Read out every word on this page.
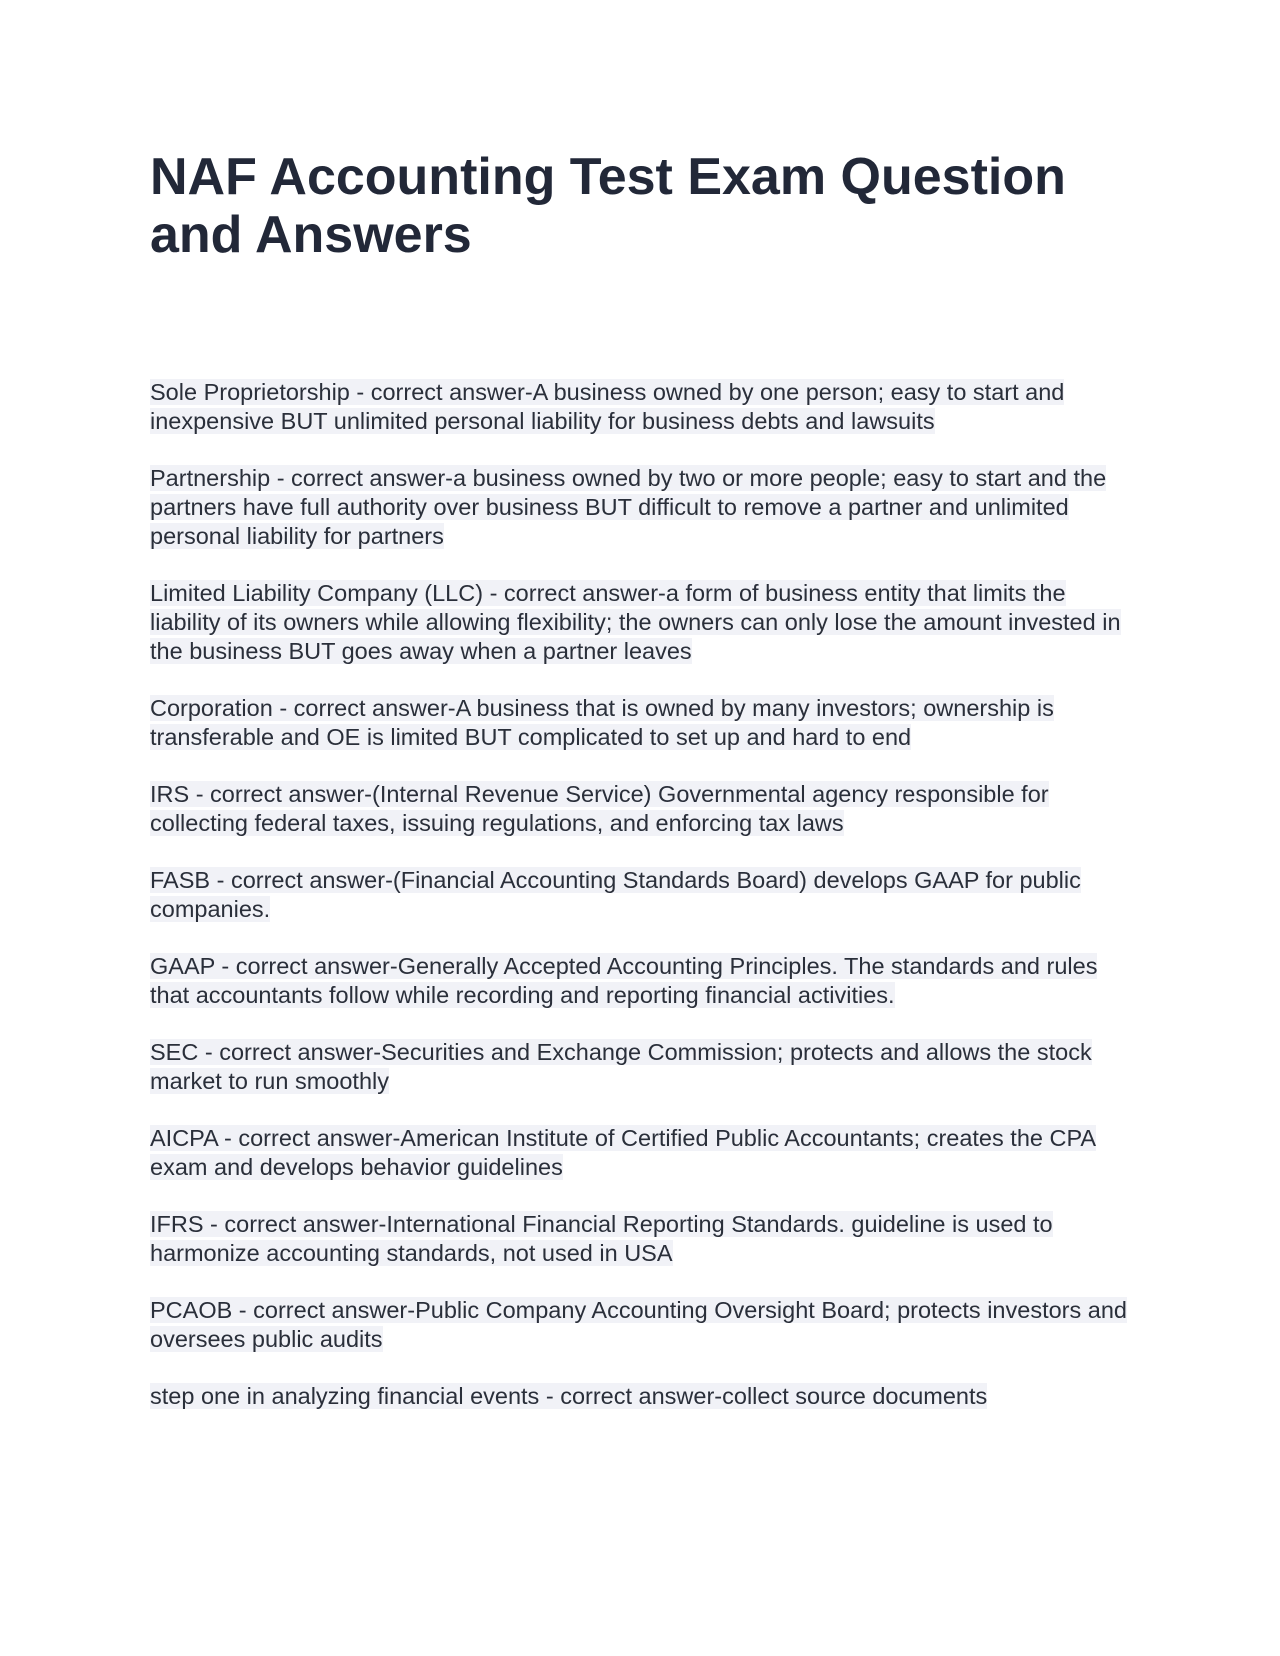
NAF Accounting Test Exam Question and Answers

Sole Proprietorship - correct answer-A business owned by one person; easy to start and inexpensive BUT unlimited personal liability for business debts and lawsuits

Partnership - correct answer-a business owned by two or more people; easy to start and the partners have full authority over business BUT difficult to remove a partner and unlimited personal liability for partners

Limited Liability Company (LLC) - correct answer-a form of business entity that limits the liability of its owners while allowing flexibility; the owners can only lose the amount invested in the business BUT goes away when a partner leaves

Corporation - correct answer-A business that is owned by many investors; ownership is transferable and OE is limited BUT complicated to set up and hard to end

IRS - correct answer-(Internal Revenue Service) Governmental agency responsible for collecting federal taxes, issuing regulations, and enforcing tax laws

FASB - correct answer-(Financial Accounting Standards Board) develops GAAP for public companies.

GAAP - correct answer-Generally Accepted Accounting Principles. The standards and rules that accountants follow while recording and reporting financial activities.

SEC - correct answer-Securities and Exchange Commission; protects and allows the stock market to run smoothly

AICPA - correct answer-American Institute of Certified Public Accountants; creates the CPA exam and develops behavior guidelines

IFRS - correct answer-International Financial Reporting Standards. guideline is used to harmonize accounting standards, not used in USA

PCAOB - correct answer-Public Company Accounting Oversight Board; protects investors and oversees public audits

step one in analyzing financial events - correct answer-collect source documents
